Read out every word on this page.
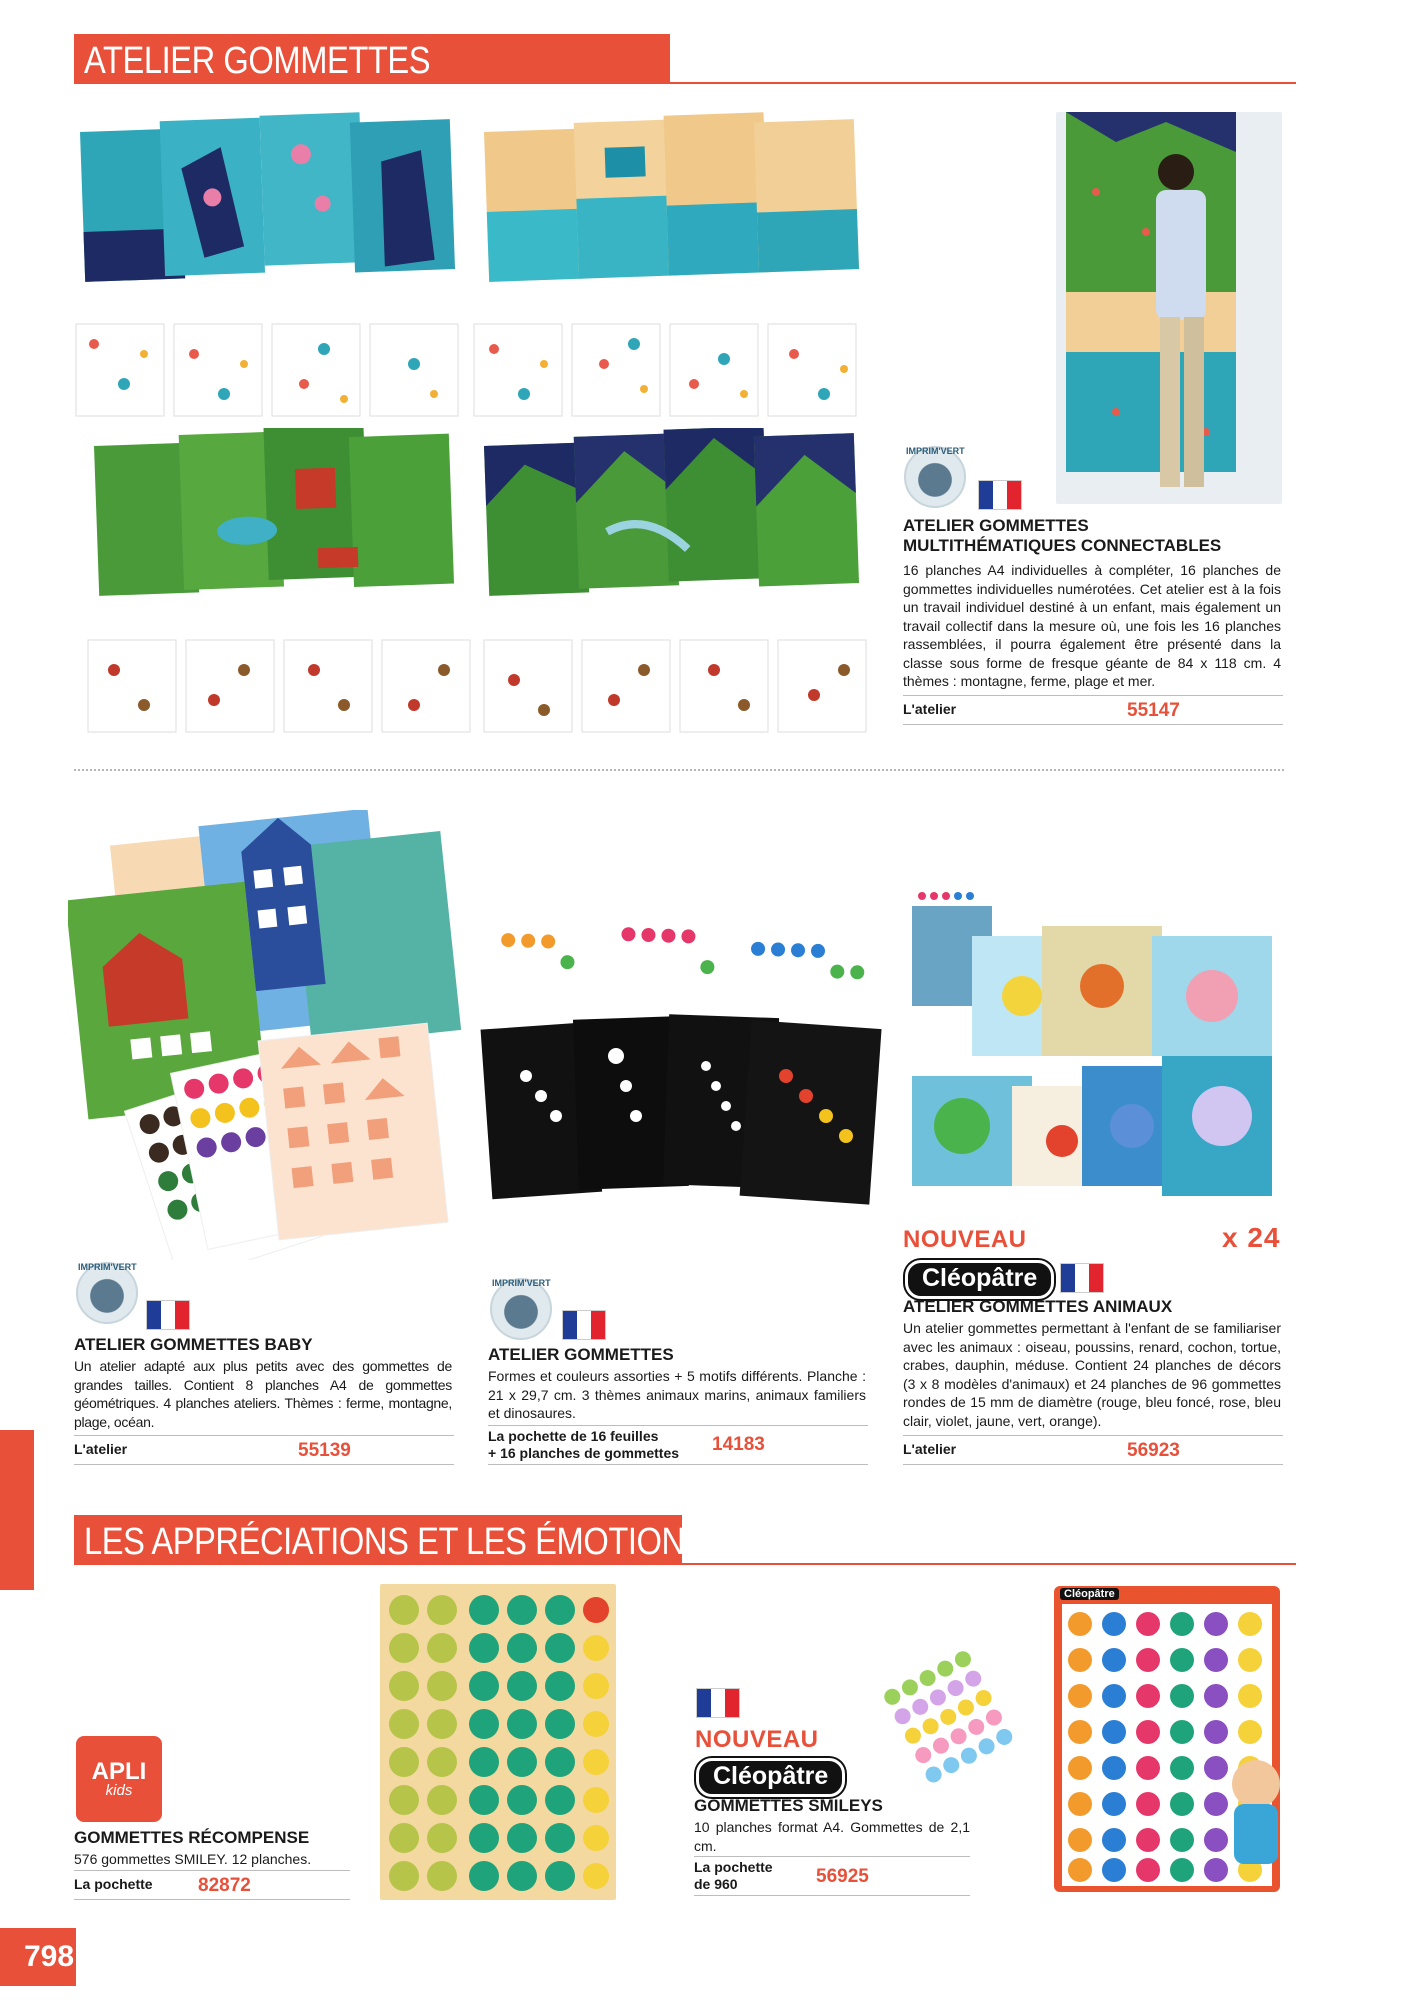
ATELIER GOMMETTES
IMPRIM'VERT
ATELIER GOMMETTES
MULTITHÉMATIQUES CONNECTABLES
16 planches A4 individuelles à compléter, 16 planches de gommettes individuelles numérotées. Cet atelier est à la fois un travail individuel destiné à un enfant, mais également un travail collectif dans la mesure où, une fois les 16 planches rassemblées, il pourra également être présenté dans la classe sous forme de fresque géante de 84 x 118 cm. 4 thèmes : montagne, ferme, plage et mer.
L'atelier	55147
IMPRIM'VERT
ATELIER GOMMETTES BABY
Un atelier adapté aux plus petits avec des gommettes de grandes tailles. Contient 8 planches A4 de gommettes géométriques. 4 planches ateliers. Thèmes : ferme, montagne, plage, océan.
L'atelier	55139
IMPRIM'VERT
ATELIER GOMMETTES
Formes et couleurs assorties + 5 motifs différents. Planche : 21 x 29,7 cm. 3 thèmes animaux marins, animaux familiers et dinosaures.
La pochette de 16 feuilles
+ 16 planches de gommettes 14183
NOUVEAU	x 24
Cléopâtre
ATELIER GOMMETTES ANIMAUX
Un atelier gommettes permettant à l'enfant de se familiariser avec les animaux : oiseau, poussins, renard, cochon, tortue, crabes, dauphin, méduse. Contient 24 planches de décors (3 x 8 modèles d'animaux) et 24 planches de 96 gommettes rondes de 15 mm de diamètre (rouge, bleu foncé, rose, bleu clair, violet, jaune, vert, orange).
L'atelier	56923
LES APPRÉCIATIONS ET LES ÉMOTIONS
APLI
kids
GOMMETTES RÉCOMPENSE
576 gommettes SMILEY. 12 planches.
La pochette 82872
Cléopâtre
NOUVEAU
Cléopâtre
GOMMETTES SMILEYS
10 planches format A4. Gommettes de 2,1 cm.
La pochette
de 960	56925
798
